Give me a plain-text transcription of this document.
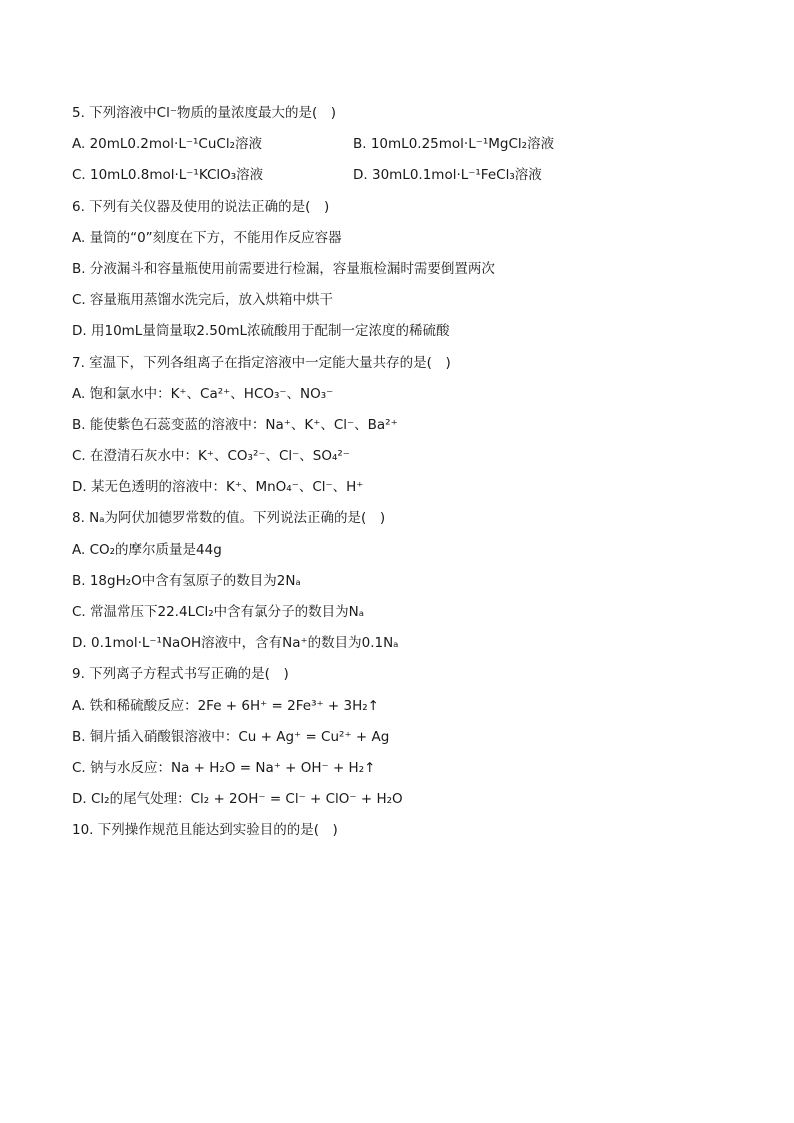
5. 下列溶液中Cl⁻物质的量浓度最大的是(　)
A. 20mL0.2mol·L⁻¹CuCl₂溶液	B. 10mL0.25mol·L⁻¹MgCl₂溶液
C. 10mL0.8mol·L⁻¹KClO₃溶液	D. 30mL0.1mol·L⁻¹FeCl₃溶液
6. 下列有关仪器及使用的说法正确的是(　)
A. 量筒的“0”刻度在下方，不能用作反应容器
B. 分液漏斗和容量瓶使用前需要进行检漏，容量瓶检漏时需要倒置两次
C. 容量瓶用蒸馏水洗完后，放入烘箱中烘干
D. 用10mL量筒量取2.50mL浓硫酸用于配制一定浓度的稀硫酸
7. 室温下，下列各组离子在指定溶液中一定能大量共存的是(　)
A. 饱和氯水中：K⁺、Ca²⁺、HCO₃⁻、NO₃⁻
B. 能使紫色石蕊变蓝的溶液中：Na⁺、K⁺、Cl⁻、Ba²⁺
C. 在澄清石灰水中：K⁺、CO₃²⁻、Cl⁻、SO₄²⁻
D. 某无色透明的溶液中：K⁺、MnO₄⁻、Cl⁻、H⁺
8. Nₐ为阿伏加德罗常数的值。下列说法正确的是(　)
A. CO₂的摩尔质量是44g
B. 18gH₂O中含有氢原子的数目为2Nₐ
C. 常温常压下22.4LCl₂中含有氯分子的数目为Nₐ
D. 0.1mol·L⁻¹NaOH溶液中，含有Na⁺的数目为0.1Nₐ
9. 下列离子方程式书写正确的是(　)
A. 铁和稀硫酸反应：2Fe + 6H⁺ = 2Fe³⁺ + 3H₂↑
B. 铜片插入硝酸银溶液中：Cu + Ag⁺ = Cu²⁺ + Ag
C. 钠与水反应：Na + H₂O = Na⁺ + OH⁻ + H₂↑
D. Cl₂的尾气处理：Cl₂ + 2OH⁻ = Cl⁻ + ClO⁻ + H₂O
10. 下列操作规范且能达到实验目的的是(　)
